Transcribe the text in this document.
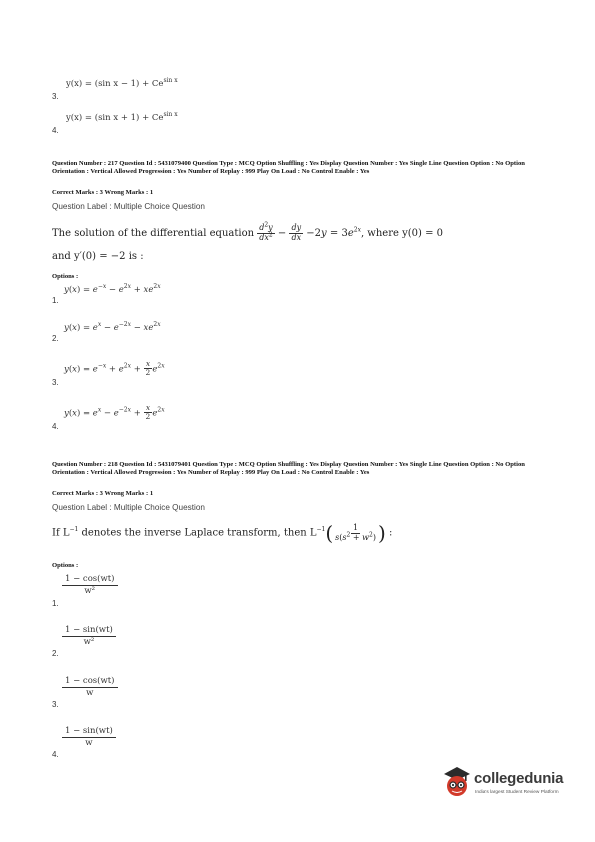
3.
y(x) = (sin $x - 1) + Ce^{sin x}$
4.
y(x) = (sin $x + 1) + Ce^{sin x}$
Question Number : 217 Question Id : 5431079400 Question Type : MCQ Option Shuffling : Yes Display Question Number : Yes Single Line Question Option : No Option Orientation : Vertical Allowed Progression : Yes Number of Replay : 999 Play On Load : No Control Enable : Yes
Correct Marks : 3 Wrong Marks : 1
Question Label : Multiple Choice Question
The solution of the differential equation $\frac{d^2y}{dx^2} - \frac{dy}{dx} -2y = 3e^{2x}$, where y(0) = 0
and y′(0) = −2 is :
Options :
1.
$y(x) = e^{-x} - e^{2x} + xe^{2x}$
2.
$y(x) = e^x - e^{-2x} - xe^{2x}$
3.
$y(x) = e^{-x} + e^{2x} + \frac{x}{2} e^{2x}$
4.
$y(x) = e^x - e^{-2x} + \frac{x}{2} e^{2x}$
Question Number : 218 Question Id : 5431079401 Question Type : MCQ Option Shuffling : Yes Display Question Number : Yes Single Line Question Option : No Option Orientation : Vertical Allowed Progression : Yes Number of Replay : 999 Play On Load : No Control Enable : Yes
Correct Marks : 3 Wrong Marks : 1
Question Label : Multiple Choice Question
If $L^{-1}$ denotes the inverse Laplace transform, then $L^{-1}( \frac{1}{s(s^2 + w^2)}$ ) :
Options :
1.
1 − cos(wt)
w²
2.
1 − sin(wt)
w²
3.
1 − cos(wt)
w
4.
1 − sin(wt)
w
collegedunia
India's largest Student Review Platform
